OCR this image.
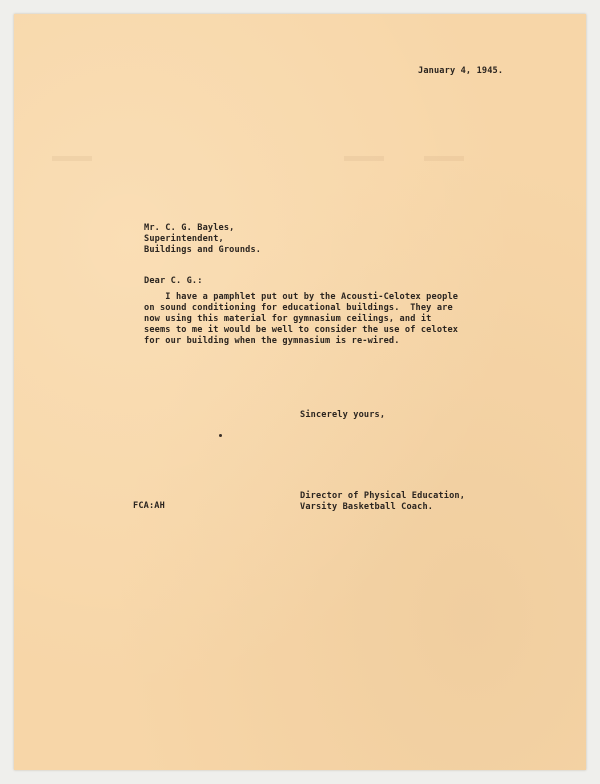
January 4, 1945.

Mr. C. G. Bayles,
Superintendent,
Buildings and Grounds.

Dear C. G.:

I have a pamphlet put out by the Acousti-Celotex people
on sound conditioning for educational buildings.  They are
now using this material for gymnasium ceilings, and it
seems to me it would be well to consider the use of celotex
for our building when the gymnasium is re-wired.

Sincerely yours,

Director of Physical Education,
Varsity Basketball Coach.

FCA:AH
